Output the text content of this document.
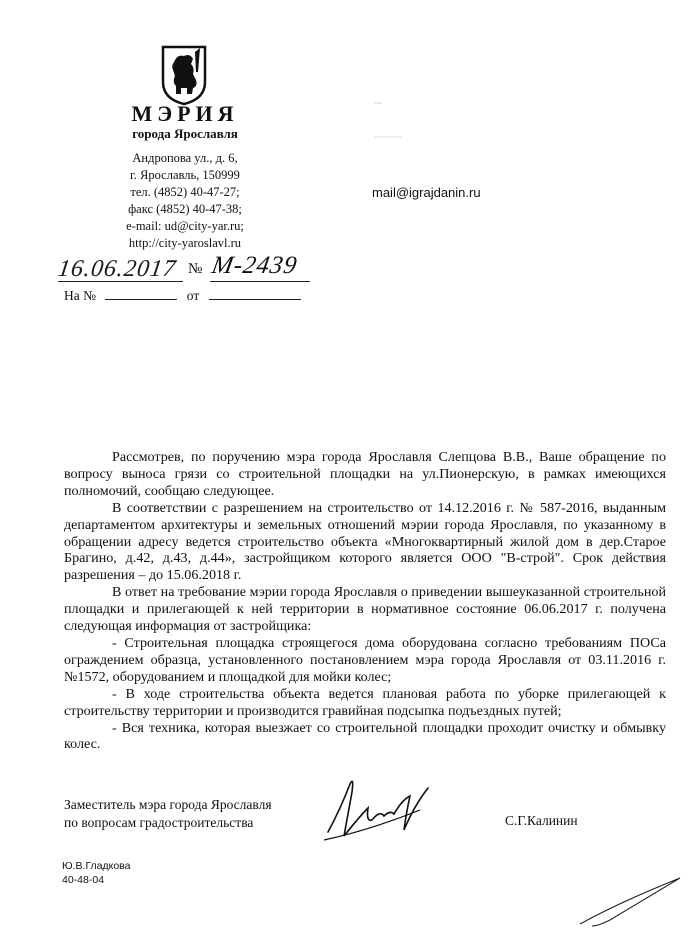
МЭРИЯ
города Ярославля
Андропова ул., д. 6,
г. Ярославль, 150999
тел. (4852) 40-47-27;
факс (4852) 40-47-38;
e-mail: ud@city-yar.ru;
http://city-yaroslavl.ru
mail@igrajdanin.ru
16.06.2017 № М-2439
На №	от

Рассмотрев, по поручению мэра города Ярославля Слепцова В.В., Ваше обращение по вопросу выноса грязи со строительной площадки на ул.Пионерскую, в рамках имеющихся полномочий, сообщаю следующее.

В соответствии с разрешением на строительство от 14.12.2016 г. № 587-2016, выданным департаментом архитектуры и земельных отношений мэрии города Ярославля, по указанному в обращении адресу ведется строительство объекта «Многоквартирный жилой дом в дер.Старое Брагино, д.42, д.43, д.44», застройщиком которого является ООО "В-строй". Срок действия разрешения – до 15.06.2018 г.

В ответ на требование мэрии города Ярославля о приведении вышеуказанной строительной площадки и прилегающей к ней территории в нормативное состояние 06.06.2017 г. получена следующая информация от застройщика:

- Строительная площадка строящегося дома оборудована согласно требованиям ПОСа ограждением образца, установленного постановлением мэра города Ярославля от 03.11.2016 г. №1572, оборудованием и площадкой для мойки колес;

- В ходе строительства объекта ведется плановая работа по уборке прилегающей к строительству территории и производится гравийная подсыпка подъездных путей;

- Вся техника, которая выезжает со строительной площадки проходит очистку и обмывку колес.

Заместитель мэра города Ярославля
по вопросам градостроительства	С.Г.Калинин
Ю.В.Гладкова
40-48-04
